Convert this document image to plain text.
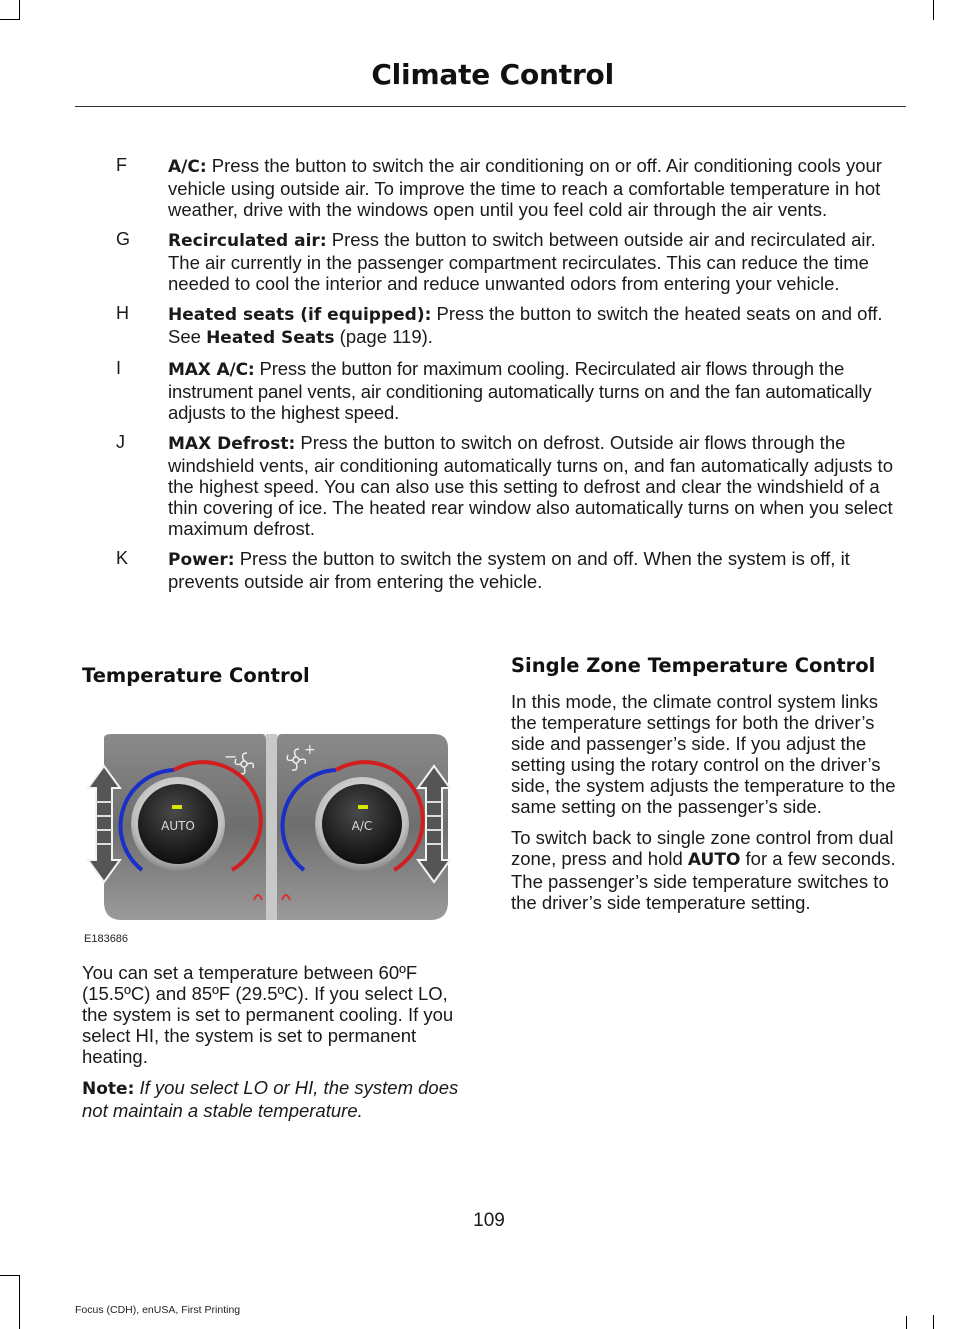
Climate Control
F	A/C: Press the button to switch the air conditioning on or off. Air conditioning cools your vehicle using outside air. To improve the time to reach a comfortable temperature in hot weather, drive with the windows open until you feel cold air through the air vents.
G	Recirculated air: Press the button to switch between outside air and recirculated air. The air currently in the passenger compartment recirculates. This can reduce the time needed to cool the interior and reduce unwanted odors from entering your vehicle.
H	Heated seats (if equipped): Press the button to switch the heated seats on and off. See Heated Seats (page 119).
I	MAX A/C: Press the button for maximum cooling. Recirculated air flows through the instrument panel vents, air conditioning automatically turns on and the fan automatically adjusts to the highest speed.
J	MAX Defrost: Press the button to switch on defrost. Outside air flows through the windshield vents, air conditioning automatically turns on, and fan automatically adjusts to the highest speed. You can also use this setting to defrost and clear the windshield of a thin covering of ice. The heated rear window also automatically turns on when you select maximum defrost.
K	Power: Press the button to switch the system on and off. When the system is off, it prevents outside air from entering the vehicle.
Temperature Control
−	+
AUTO	A/C
E183686

You can set a temperature between 60ºF (15.5ºC) and 85ºF (29.5ºC). If you select LO, the system is set to permanent cooling. If you select HI, the system is set to permanent heating.

Note: If you select LO or HI, the system does not maintain a stable temperature.

Single Zone Temperature Control

In this mode, the climate control system links the temperature settings for both the driver’s side and passenger’s side. If you adjust the setting using the rotary control on the driver’s side, the system adjusts the temperature to the same setting on the passenger’s side.

To switch back to single zone control from dual zone, press and hold AUTO for a few seconds. The passenger’s side temperature switches to the driver’s side temperature setting.

109
Focus (CDH), enUSA, First Printing
